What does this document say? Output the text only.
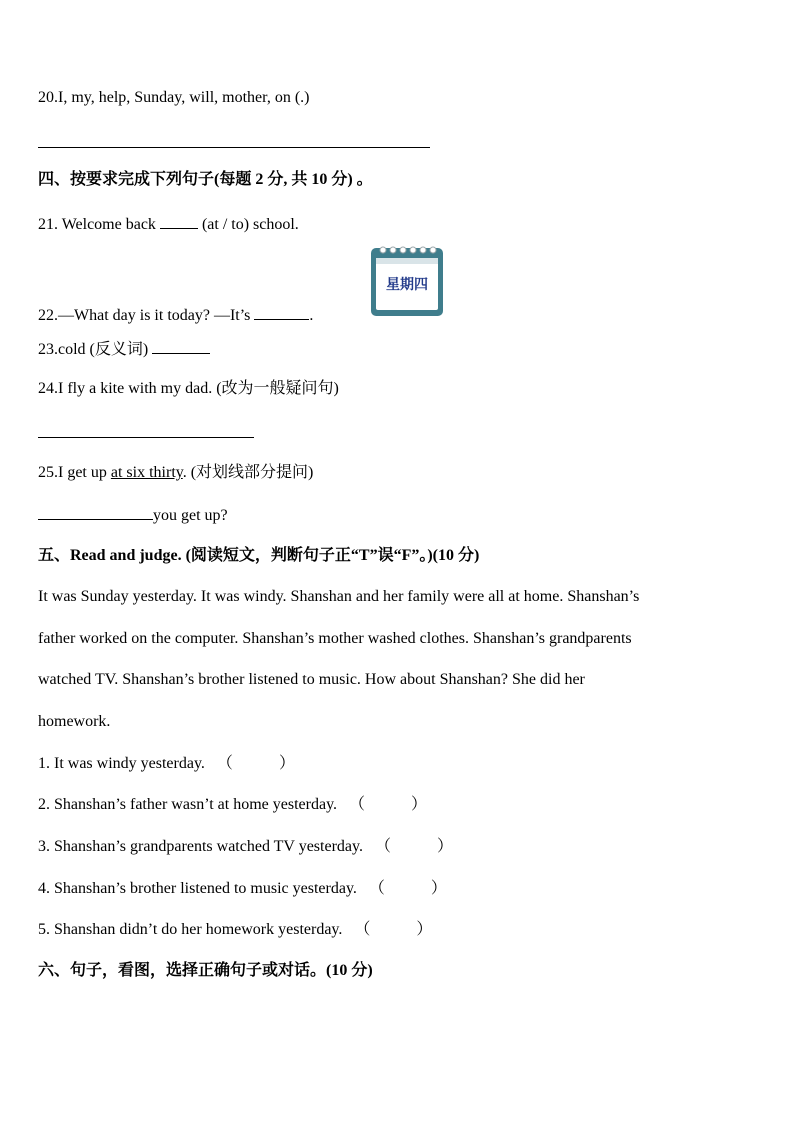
20.I, my, help, Sunday, will, mother, on (.)
四、按要求完成下列句子(每题 2 分, 共 10 分) 。
21. Welcome back  (at / to) school.
星期四
22.—What day is it today? —It’s	.
23.cold (反义词)
24.I fly a kite with my dad. (改为一般疑问句)
25.I get up at six thirty. (对划线部分提问)
you get up?
五、Read and judge. (阅读短文，判断句子正“T”误“F”。)(10 分)
It was Sunday yesterday. It was windy. Shanshan and her family were all at home. Shanshan’s
father worked on the computer. Shanshan’s mother washed clothes. Shanshan’s grandparents
watched TV. Shanshan’s brother listened to music. How about Shanshan? She did her
homework.
1. It was windy yesterday. （	）
2. Shanshan’s father wasn’t at home yesterday. （	）
3. Shanshan’s grandparents watched TV yesterday. （	）
4. Shanshan’s brother listened to music yesterday. （	）
5. Shanshan didn’t do her homework yesterday. （	）
六、句子，看图，选择正确句子或对话。(10 分)
